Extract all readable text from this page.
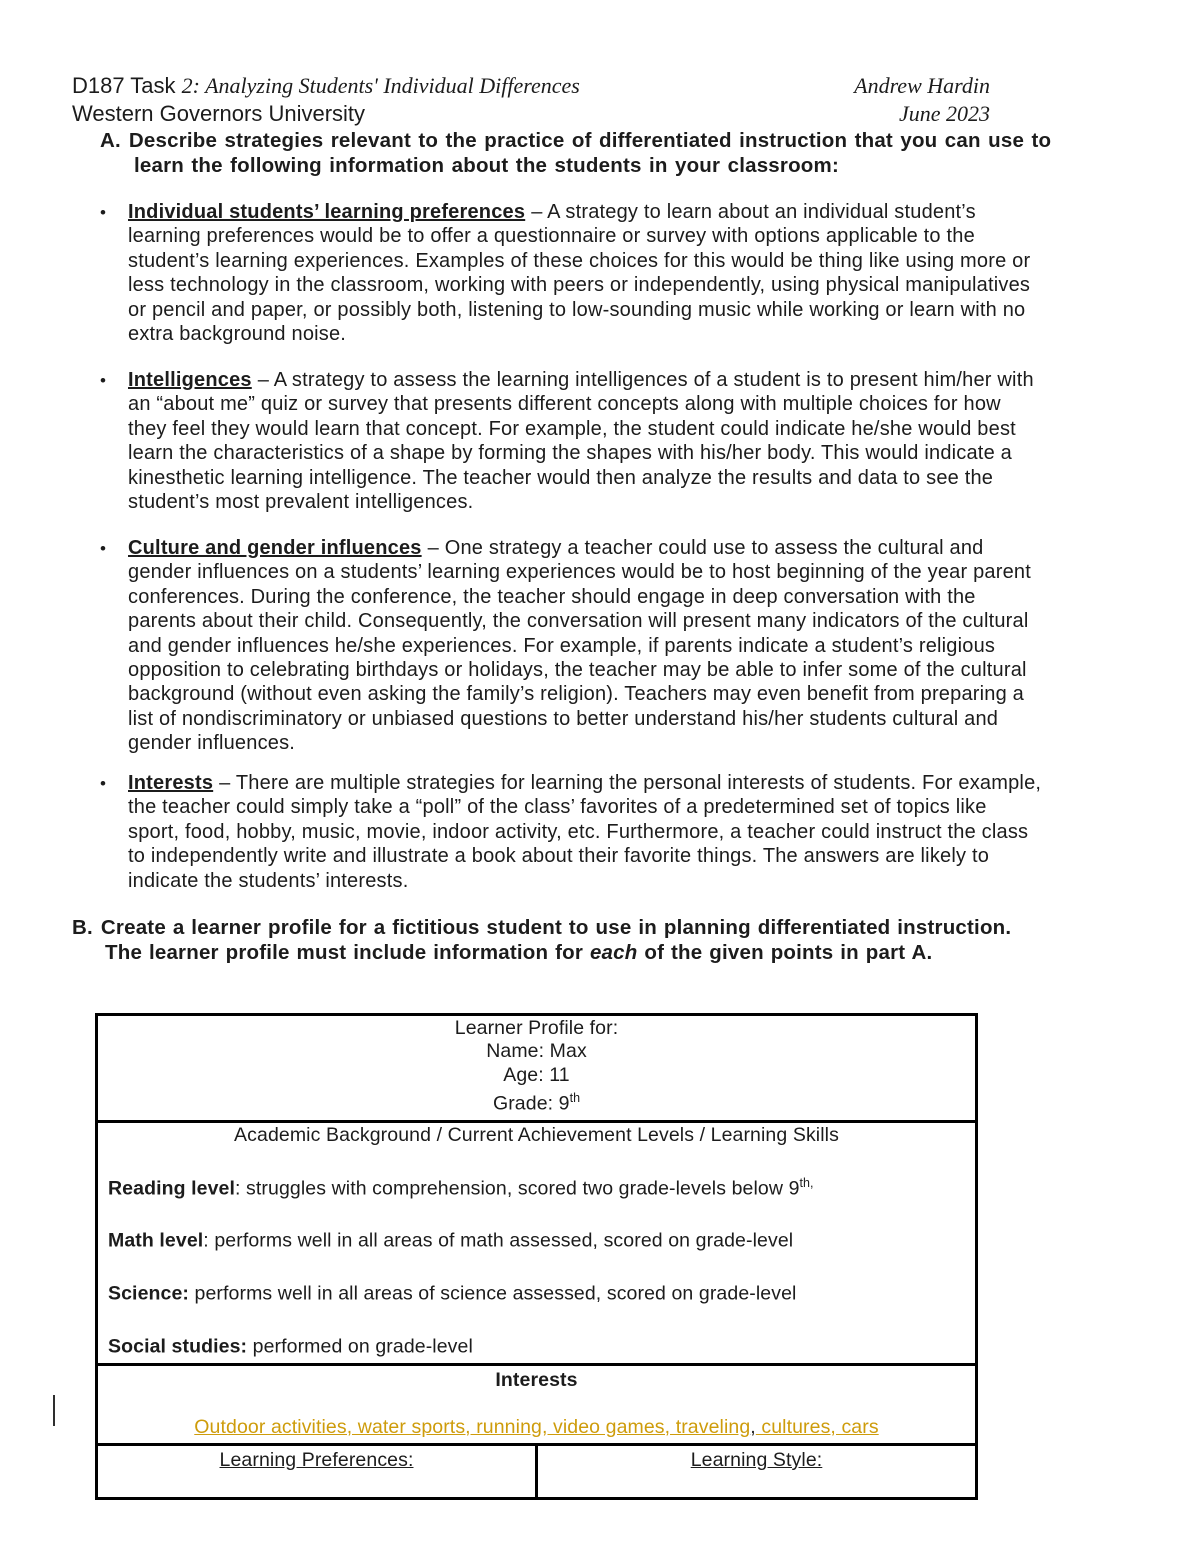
D187 Task 2: Analyzing Students' Individual Differences	Andrew Hardin
Western Governors University	June 2023
A. Describe strategies relevant to the practice of differentiated instruction that you can use to learn the following information about the students in your classroom:
•	Individual students’ learning preferences – A strategy to learn about an individual student’s learning preferences would be to offer a questionnaire or survey with options applicable to the student’s learning experiences. Examples of these choices for this would be thing like using more or less technology in the classroom, working with peers or independently, using physical manipulatives or pencil and paper, or possibly both, listening to low-sounding music while working or learn with no extra background noise.
•	Intelligences – A strategy to assess the learning intelligences of a student is to present him/her with an “about me” quiz or survey that presents different concepts along with multiple choices for how they feel they would learn that concept. For example, the student could indicate he/she would best learn the characteristics of a shape by forming the shapes with his/her body. This would indicate a kinesthetic learning intelligence. The teacher would then analyze the results and data to see the student’s most prevalent intelligences.
•	Culture and gender influences – One strategy a teacher could use to assess the cultural and gender influences on a students’ learning experiences would be to host beginning of the year parent conferences. During the conference, the teacher should engage in deep conversation with the parents about their child. Consequently, the conversation will present many indicators of the cultural and gender influences he/she experiences. For example, if parents indicate a student’s religious opposition to celebrating birthdays or holidays, the teacher may be able to infer some of the cultural background (without even asking the family’s religion). Teachers may even benefit from preparing a list of nondiscriminatory or unbiased questions to better understand his/her students cultural and gender influences.
•	Interests – There are multiple strategies for learning the personal interests of students. For example, the teacher could simply take a “poll” of the class’ favorites of a predetermined set of topics like sport, food, hobby, music, movie, indoor activity, etc. Furthermore, a teacher could instruct the class to independently write and illustrate a book about their favorite things. The answers are likely to indicate the students’ interests.
B. Create a learner profile for a fictitious student to use in planning differentiated instruction. The learner profile must include information for each of the given points in part A.
Learner Profile for:
Name: Max
Age: 11
Grade: 9th

Academic Background / Current Achievement Levels / Learning Skills

Reading level: struggles with comprehension, scored two grade-levels below $9^{th,}$

Math level: performs well in all areas of math assessed, scored on grade-level

Science: performs well in all areas of science assessed, scored on grade-level

Social studies: performed on grade-level

Interests
Outdoor activities, water sports, running, video games, traveling, cultures, cars

Learning Preferences:	Learning Style:
